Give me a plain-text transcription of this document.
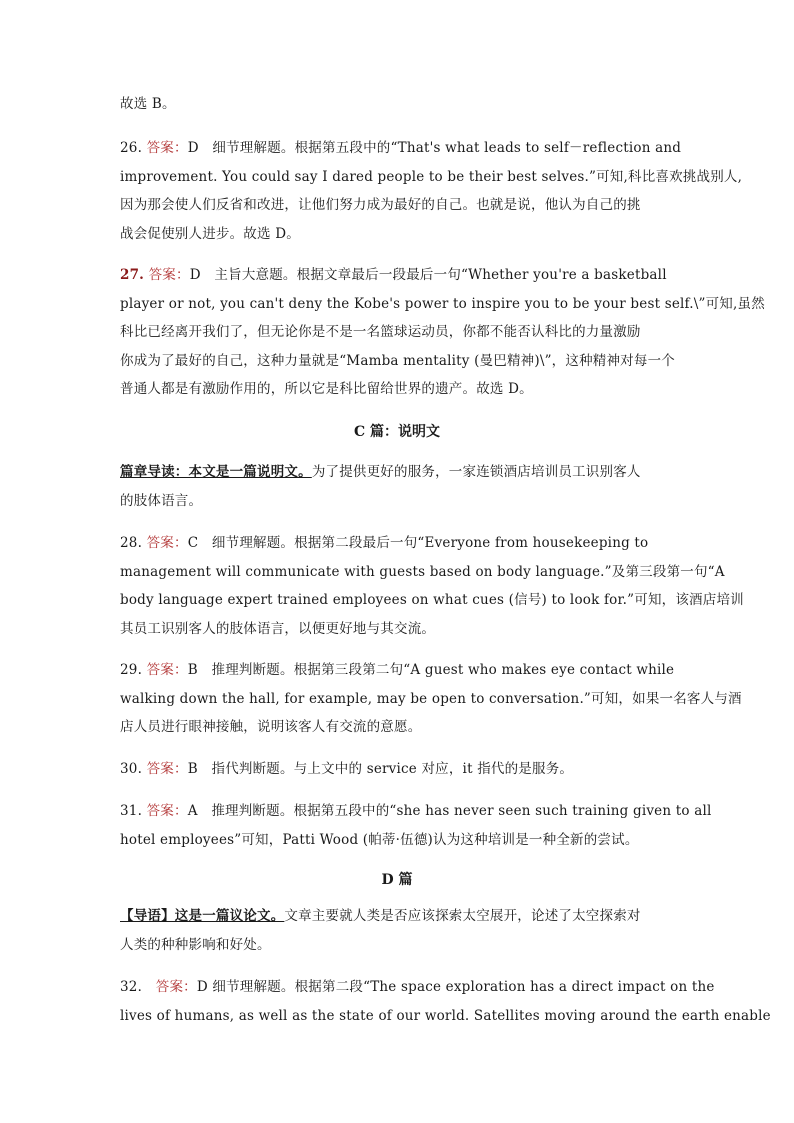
故选 B。
26. 答案：D　细节理解题。根据第五段中的“That's what leads to self－reflection and
improvement. You could say I dared people to be their best selves.”可知,科比喜欢挑战别人,
因为那会使人们反省和改进，让他们努力成为最好的自己。也就是说，他认为自己的挑
战会促使别人进步。故选 D。
27. 答案：D　主旨大意题。根据文章最后一段最后一句“Whether you're a basketball
player or not, you can't deny the Kobe's power to inspire you to be your best self.\”可知,虽然
科比已经离开我们了，但无论你是不是一名篮球运动员，你都不能否认科比的力量激励
你成为了最好的自己，这种力量就是“Mamba mentality (曼巴精神)\”，这种精神对每一个
普通人都是有激励作用的，所以它是科比留给世界的遗产。故选 D。
C 篇：说明文
篇章导读：本文是一篇说明文。为了提供更好的服务，一家连锁酒店培训员工识别客人
的肢体语言。
28. 答案：C　细节理解题。根据第二段最后一句“Everyone from housekeeping to
management will communicate with guests based on body language.”及第三段第一句“A
body language expert trained employees on what cues (信号) to look for.”可知，该酒店培训
其员工识别客人的肢体语言，以便更好地与其交流。
29. 答案：B　推理判断题。根据第三段第二句“A guest who makes eye contact while
walking down the hall, for example, may be open to conversation.”可知，如果一名客人与酒
店人员进行眼神接触，说明该客人有交流的意愿。
30. 答案：B　指代判断题。与上文中的 service 对应，it 指代的是服务。
31. 答案：A　推理判断题。根据第五段中的“she has never seen such training given to all
hotel employees”可知，Patti Wood (帕蒂·伍德)认为这种培训是一种全新的尝试。
D 篇
【导语】这是一篇议论文。文章主要就人类是否应该探索太空展开，论述了太空探索对
人类的种种影响和好处。
32． 答案：D 细节理解题。根据第二段“The space exploration has a direct impact on the
lives of humans, as well as the state of our world. Satellites moving around the earth enable
